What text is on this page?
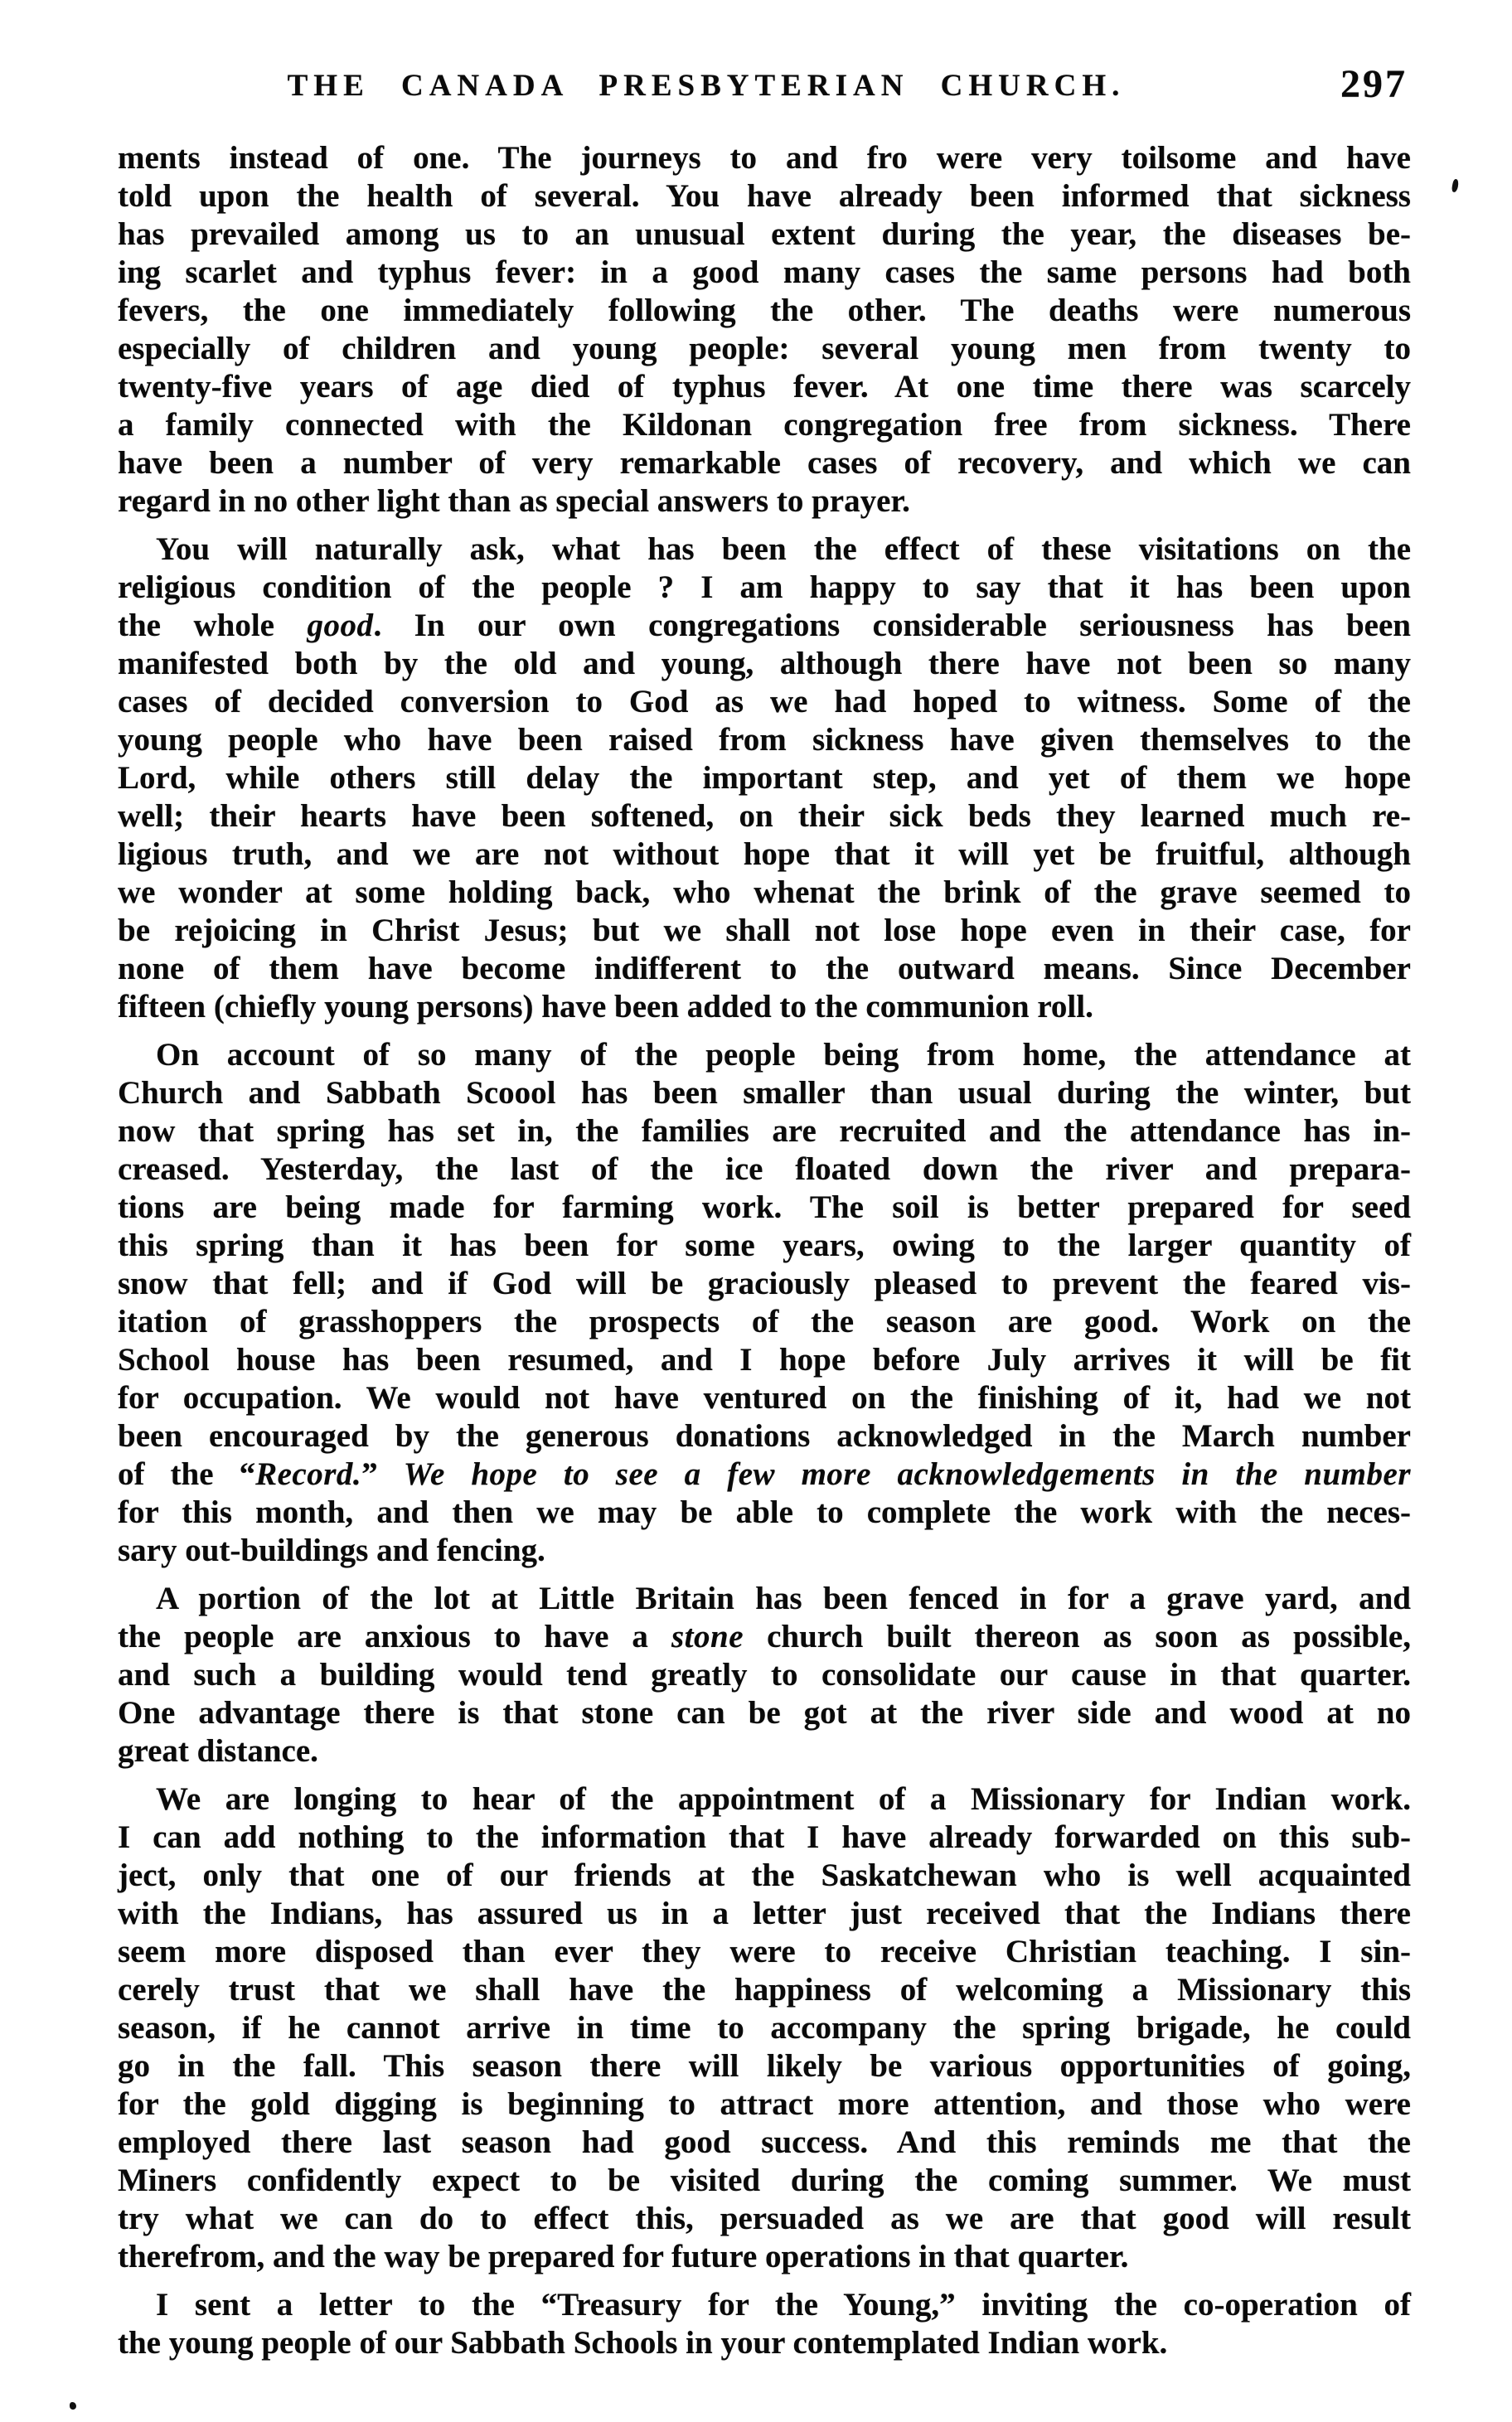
THE CANADA PRESBYTERIAN CHURCH.	297

ments instead of one. The journeys to and fro were very toilsome and have
told upon the health of several. You have already been informed that sickness
has prevailed among us to an unusual extent during the year, the diseases be-
ing scarlet and typhus fever: in a good many cases the same persons had both
fevers, the one immediately following the other. The deaths were numerous
especially of children and young people: several young men from twenty to
twenty-five years of age died of typhus fever. At one time there was scarcely
a family connected with the Kildonan congregation free from sickness. There
have been a number of very remarkable cases of recovery, and which we can
regard in no other light than as special answers to prayer.

You will naturally ask, what has been the effect of these visitations on the
religious condition of the people ? I am happy to say that it has been upon
the whole good. In our own congregations considerable seriousness has been
manifested both by the old and young, although there have not been so many
cases of decided conversion to God as we had hoped to witness. Some of the
young people who have been raised from sickness have given themselves to the
Lord, while others still delay the important step, and yet of them we hope
well; their hearts have been softened, on their sick beds they learned much re-
ligious truth, and we are not without hope that it will yet be fruitful, although
we wonder at some holding back, who whenat the brink of the grave seemed to
be rejoicing in Christ Jesus; but we shall not lose hope even in their case, for
none of them have become indifferent to the outward means. Since December
fifteen (chiefly young persons) have been added to the communion roll.

On account of so many of the people being from home, the attendance at
Church and Sabbath Scoool has been smaller than usual during the winter, but
now that spring has set in, the families are recruited and the attendance has in-
creased. Yesterday, the last of the ice floated down the river and prepara-
tions are being made for farming work. The soil is better prepared for seed
this spring than it has been for some years, owing to the larger quantity of
snow that fell; and if God will be graciously pleased to prevent the feared vis-
itation of grasshoppers the prospects of the season are good. Work on the
School house has been resumed, and I hope before July arrives it will be fit
for occupation. We would not have ventured on the finishing of it, had we not
been encouraged by the generous donations acknowledged in the March number
of the “Record.” We hope to see a few more acknowledgements in the number
for this month, and then we may be able to complete the work with the neces-
sary out-buildings and fencing.

A portion of the lot at Little Britain has been fenced in for a grave yard, and
the people are anxious to have a stone church built thereon as soon as possible,
and such a building would tend greatly to consolidate our cause in that quarter.
One advantage there is that stone can be got at the river side and wood at no
great distance.

We are longing to hear of the appointment of a Missionary for Indian work.
I can add nothing to the information that I have already forwarded on this sub-
ject, only that one of our friends at the Saskatchewan who is well acquainted
with the Indians, has assured us in a letter just received that the Indians there
seem more disposed than ever they were to receive Christian teaching. I sin-
cerely trust that we shall have the happiness of welcoming a Missionary this
season, if he cannot arrive in time to accompany the spring brigade, he could
go in the fall. This season there will likely be various opportunities of going,
for the gold digging is beginning to attract more attention, and those who were
employed there last season had good success. And this reminds me that the
Miners confidently expect to be visited during the coming summer. We must
try what we can do to effect this, persuaded as we are that good will result
therefrom, and the way be prepared for future operations in that quarter.

I sent a letter to the “Treasury for the Young,” inviting the co-operation of
the young people of our Sabbath Schools in your contemplated Indian work.
